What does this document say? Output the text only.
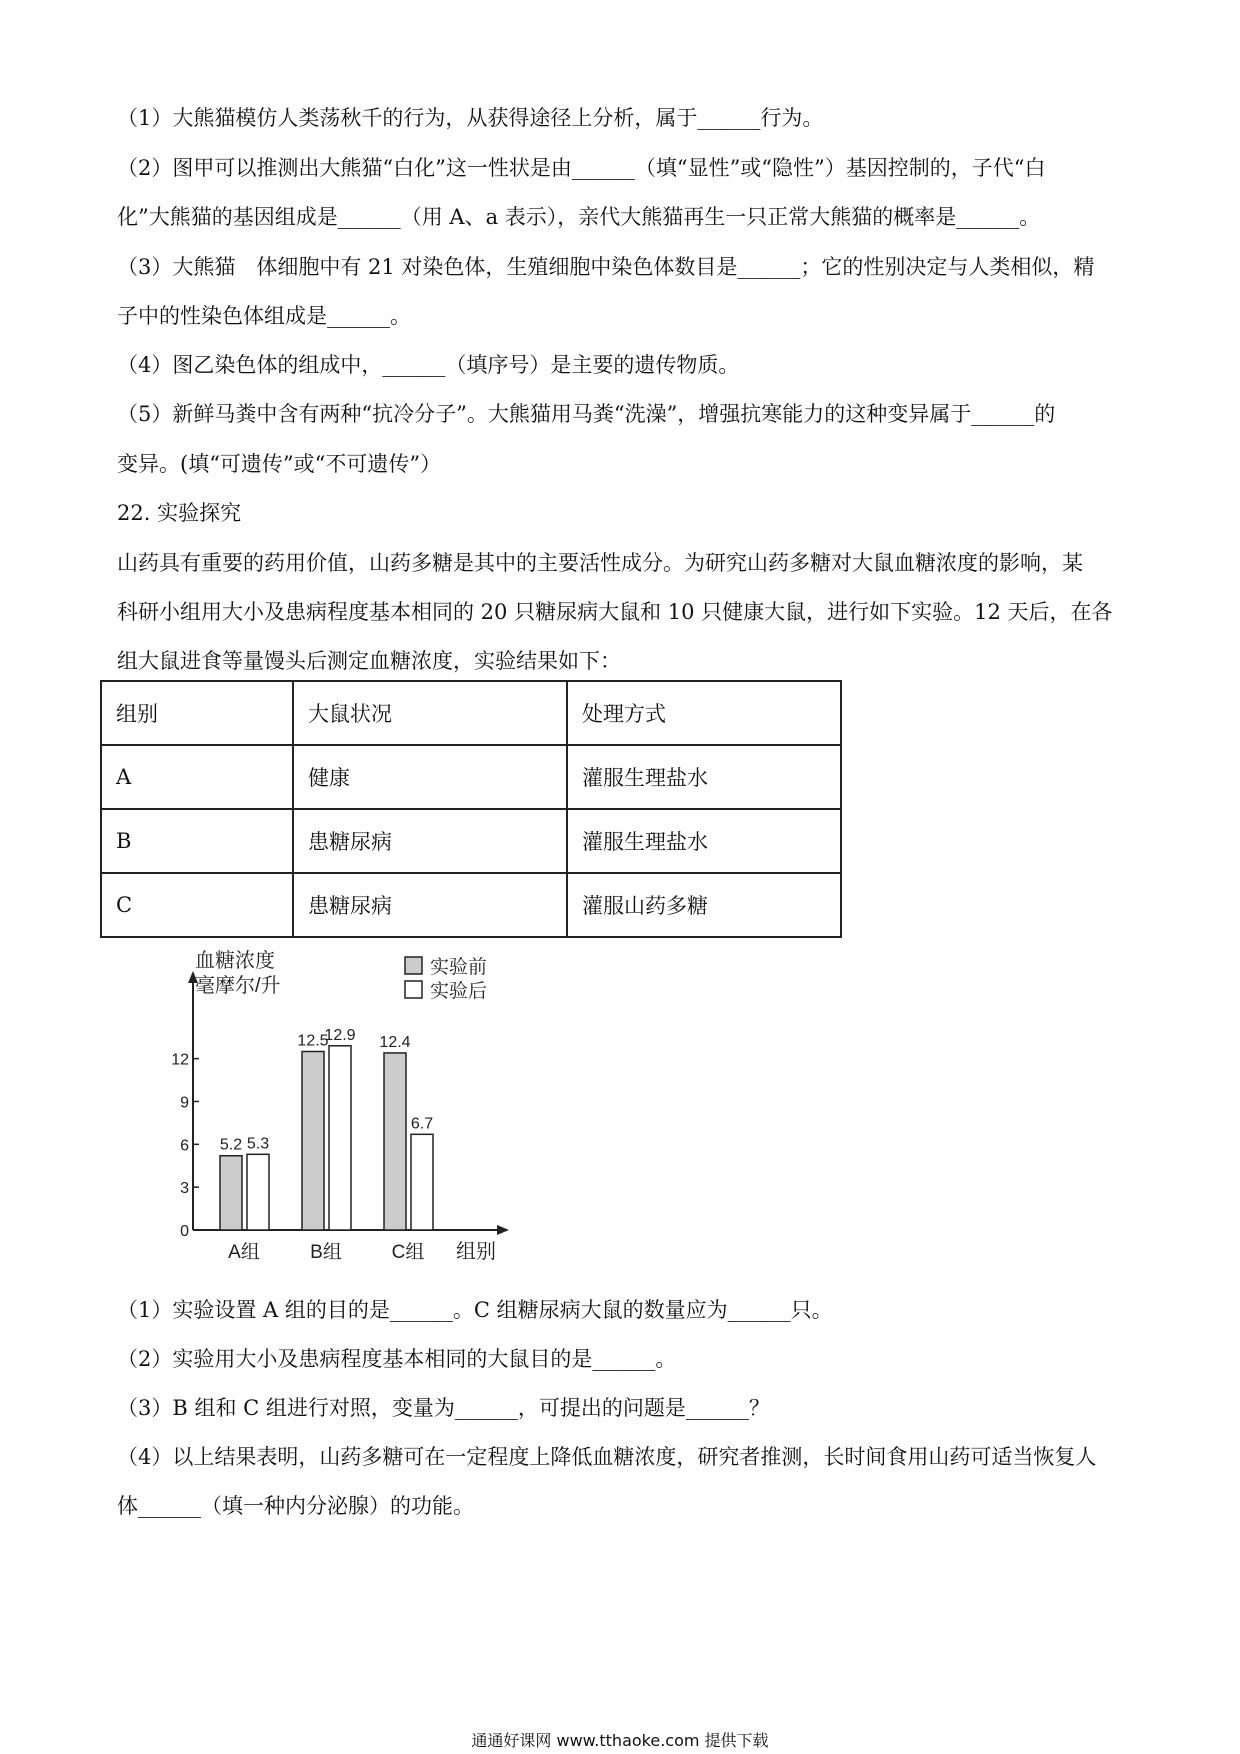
（1）大熊猫模仿人类荡秋千的行为，从获得途径上分析，属于______行为。
（2）图甲可以推测出大熊猫“白化”这一性状是由______（填“显性”或“隐性”）基因控制的，子代“白
化”大熊猫的基因组成是______（用 A、a 表示），亲代大熊猫再生一只正常大熊猫的概率是______。
（3）大熊猫　体细胞中有 21 对染色体，生殖细胞中染色体数目是______；它的性别决定与人类相似，精
子中的性染色体组成是______。
（4）图乙染色体的组成中，______（填序号）是主要的遗传物质。
（5）新鲜马粪中含有两种“抗冷分子”。大熊猫用马粪“洗澡”，增强抗寒能力的这种变异属于______的
变异。(填“可遗传”或“不可遗传”）
22. 实验探究
山药具有重要的药用价值，山药多糖是其中的主要活性成分。为研究山药多糖对大鼠血糖浓度的影响，某
科研小组用大小及患病程度基本相同的 20 只糖尿病大鼠和 10 只健康大鼠，进行如下实验。12 天后，在各
组大鼠进食等量馒头后测定血糖浓度，实验结果如下：
组别	大鼠状况	处理方式
A	健康	灌服生理盐水
B	患糖尿病	灌服生理盐水
C	患糖尿病	灌服山药多糖
血糖浓度
毫摩尔/升
0
3
6
9
12
5.2 5.3
A组
12.5
12.9
B组
12.4
6.7
C组 组别
实验前
实验后
（1）实验设置 A 组的目的是______。C 组糖尿病大鼠的数量应为______只。
（2）实验用大小及患病程度基本相同的大鼠目的是______。
（3）B 组和 C 组进行对照，变量为______，可提出的问题是______？
（4）以上结果表明，山药多糖可在一定程度上降低血糖浓度，研究者推测，长时间食用山药可适当恢复人
体______（填一种内分泌腺）的功能。
通通好课网 www.tthaoke.com 提供下载
